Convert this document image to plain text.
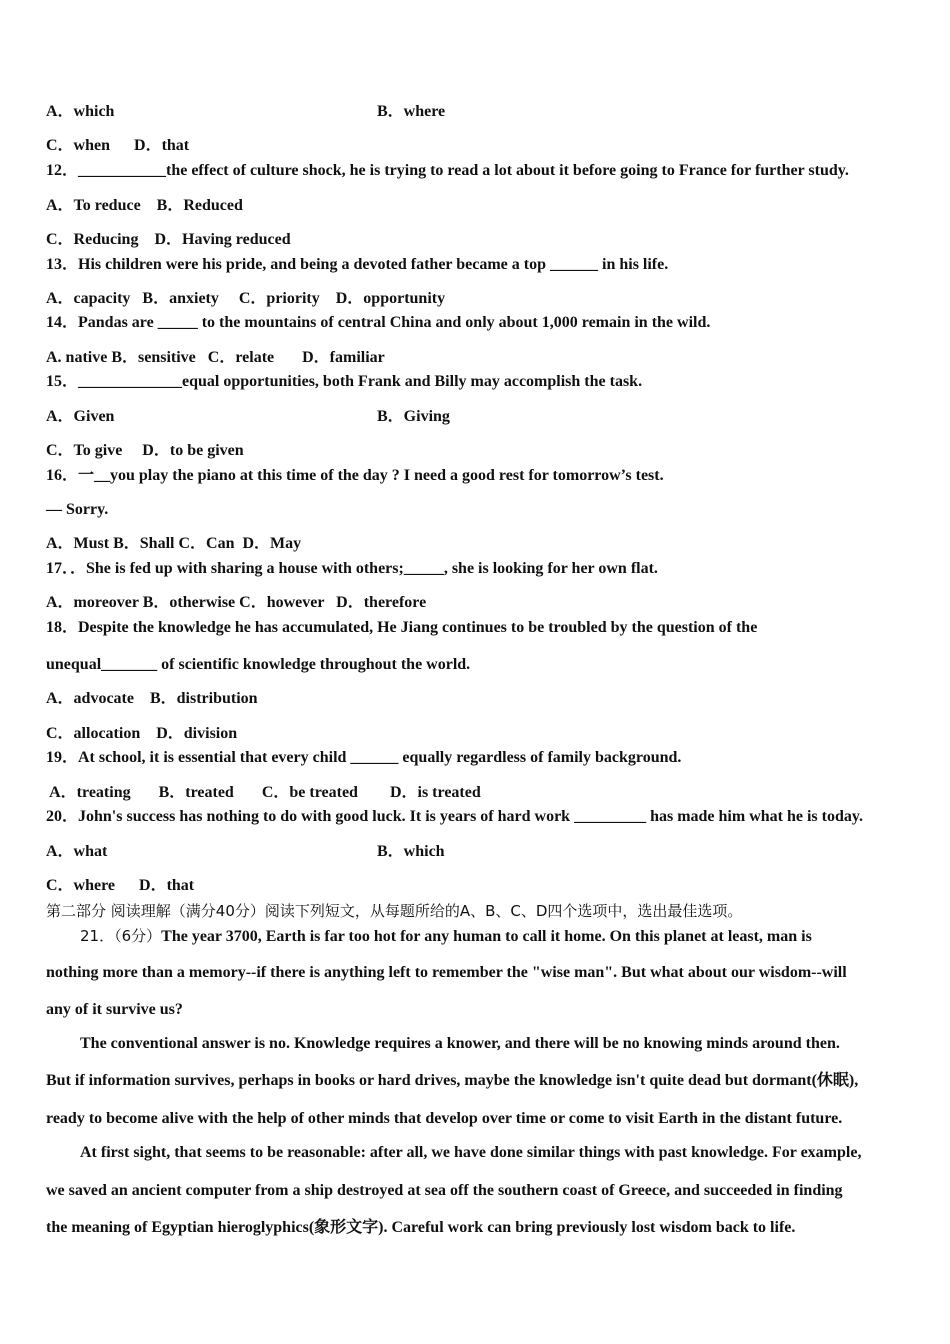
A．which	B．where
C．when      D．that
12．___________the effect of culture shock, he is trying to read a lot about it before going to France for further study.
A．To reduce    B．Reduced
C．Reducing    D．Having reduced
13．His children were his pride, and being a devoted father became a top ______ in his life.
A．capacity   B．anxiety     C．priority    D．opportunity
14．Pandas are _____ to the mountains of central China and only about 1,000 remain in the wild.
A. native B．sensitive   C．relate       D．familiar
15．_____________equal opportunities, both Frank and Billy may accomplish the task.
A．Given	B．Giving
C．To give     D．to be given
16．一__you play the piano at this time of the day ? I need a good rest for tomorrow’s test.
— Sorry.
A．Must B．Shall C．Can  D．May
17．．She is fed up with sharing a house with others;_____, she is looking for her own flat.
A．moreover B．otherwise C．however   D．therefore
18．Despite the knowledge he has accumulated, He Jiang continues to be troubled by the question of the
unequal_______ of scientific knowledge throughout the world.
A．advocate    B．distribution
C．allocation    D．division
19．At school, it is essential that every child ______ equally regardless of family background.
A．treating       B．treated       C．be treated        D．is treated
20．John's success has nothing to do with good luck. It is years of hard work _________ has made him what he is today.
A．what	B．which
C．where      D．that
第二部分 阅读理解（满分40分）阅读下列短文，从每题所给的A、B、C、D四个选项中，选出最佳选项。
21．（6分）The year 3700, Earth is far too hot for any human to call it home. On this planet at least, man is
nothing more than a memory--if there is anything left to remember the "wise man". But what about our wisdom--will
any of it survive us?
The conventional answer is no. Knowledge requires a knower, and there will be no knowing minds around then.
But if information survives, perhaps in books or hard drives, maybe the knowledge isn't quite dead but dormant(休眠),
ready to become alive with the help of other minds that develop over time or come to visit Earth in the distant future.
At first sight, that seems to be reasonable: after all, we have done similar things with past knowledge. For example,
we saved an ancient computer from a ship destroyed at sea off the southern coast of Greece, and succeeded in finding
the meaning of Egyptian hieroglyphics(象形文字). Careful work can bring previously lost wisdom back to life.
